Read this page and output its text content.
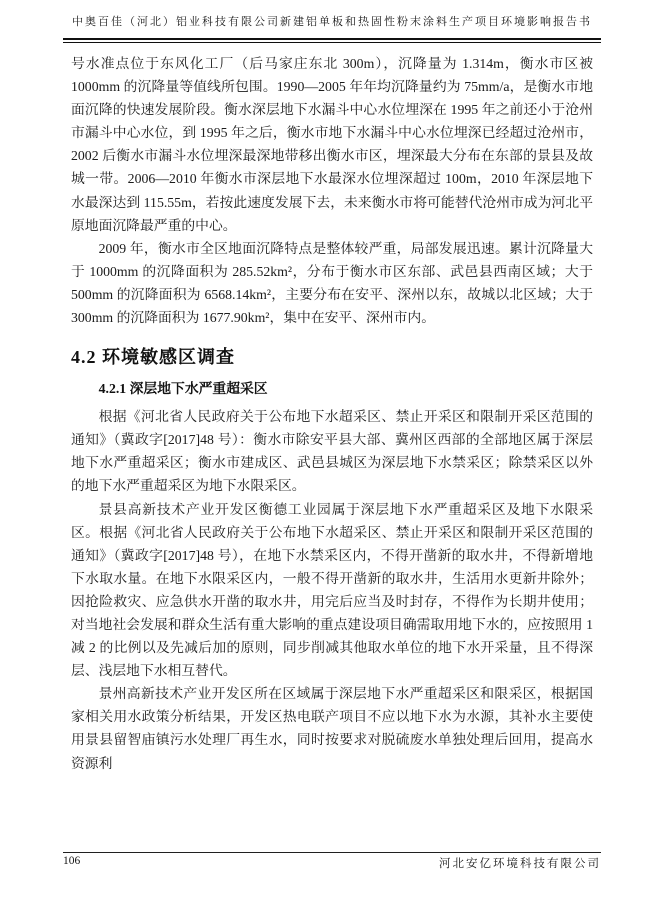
中奥百佳（河北）铝业科技有限公司新建铝单板和热固性粉末涂料生产项目环境影响报告书

号水准点位于东风化工厂（后马家庄东北 300m），沉降量为 1.314m，衡水市区被 1000mm 的沉降量等值线所包围。1990—2005 年年均沉降量约为 75mm/a，是衡水市地面沉降的快速发展阶段。衡水深层地下水漏斗中心水位埋深在 1995 年之前还小于沧州市漏斗中心水位，到 1995 年之后，衡水市地下水漏斗中心水位埋深已经超过沧州市，2002 后衡水市漏斗水位埋深最深地带移出衡水市区，埋深最大分布在东部的景县及故城一带。2006—2010 年衡水市深层地下水最深水位埋深超过 100m，2010 年深层地下水最深达到 115.55m，若按此速度发展下去，未来衡水市将可能替代沧州市成为河北平原地面沉降最严重的中心。

2009 年，衡水市全区地面沉降特点是整体较严重，局部发展迅速。累计沉降量大于 1000mm 的沉降面积为 285.52km²，分布于衡水市区东部、武邑县西南区域；大于 500mm 的沉降面积为 6568.14km²，主要分布在安平、深州以东，故城以北区域；大于 300mm 的沉降面积为 1677.90km²，集中在安平、深州市内。

4.2 环境敏感区调查
4.2.1 深层地下水严重超采区

根据《河北省人民政府关于公布地下水超采区、禁止开采区和限制开采区范围的通知》（冀政字[2017]48 号）：衡水市除安平县大部、冀州区西部的全部地区属于深层地下水严重超采区；衡水市建成区、武邑县城区为深层地下水禁采区；除禁采区以外的地下水严重超采区为地下水限采区。

景县高新技术产业开发区衡德工业园属于深层地下水严重超采区及地下水限采区。根据《河北省人民政府关于公布地下水超采区、禁止开采区和限制开采区范围的通知》（冀政字[2017]48 号），在地下水禁采区内，不得开凿新的取水井，不得新增地下水取水量。在地下水限采区内，一般不得开凿新的取水井，生活用水更新井除外；因抢险救灾、应急供水开凿的取水井，用完后应当及时封存，不得作为长期井使用；对当地社会发展和群众生活有重大影响的重点建设项目确需取用地下水的，应按照用 1 减 2 的比例以及先减后加的原则，同步削减其他取水单位的地下水开采量，且不得深层、浅层地下水相互替代。

景州高新技术产业开发区所在区域属于深层地下水严重超采区和限采区，根据国家相关用水政策分析结果，开发区热电联产项目不应以地下水为水源，其补水主要使用景县留智庙镇污水处理厂再生水，同时按要求对脱硫废水单独处理后回用，提高水资源利

106	河北安亿环境科技有限公司
